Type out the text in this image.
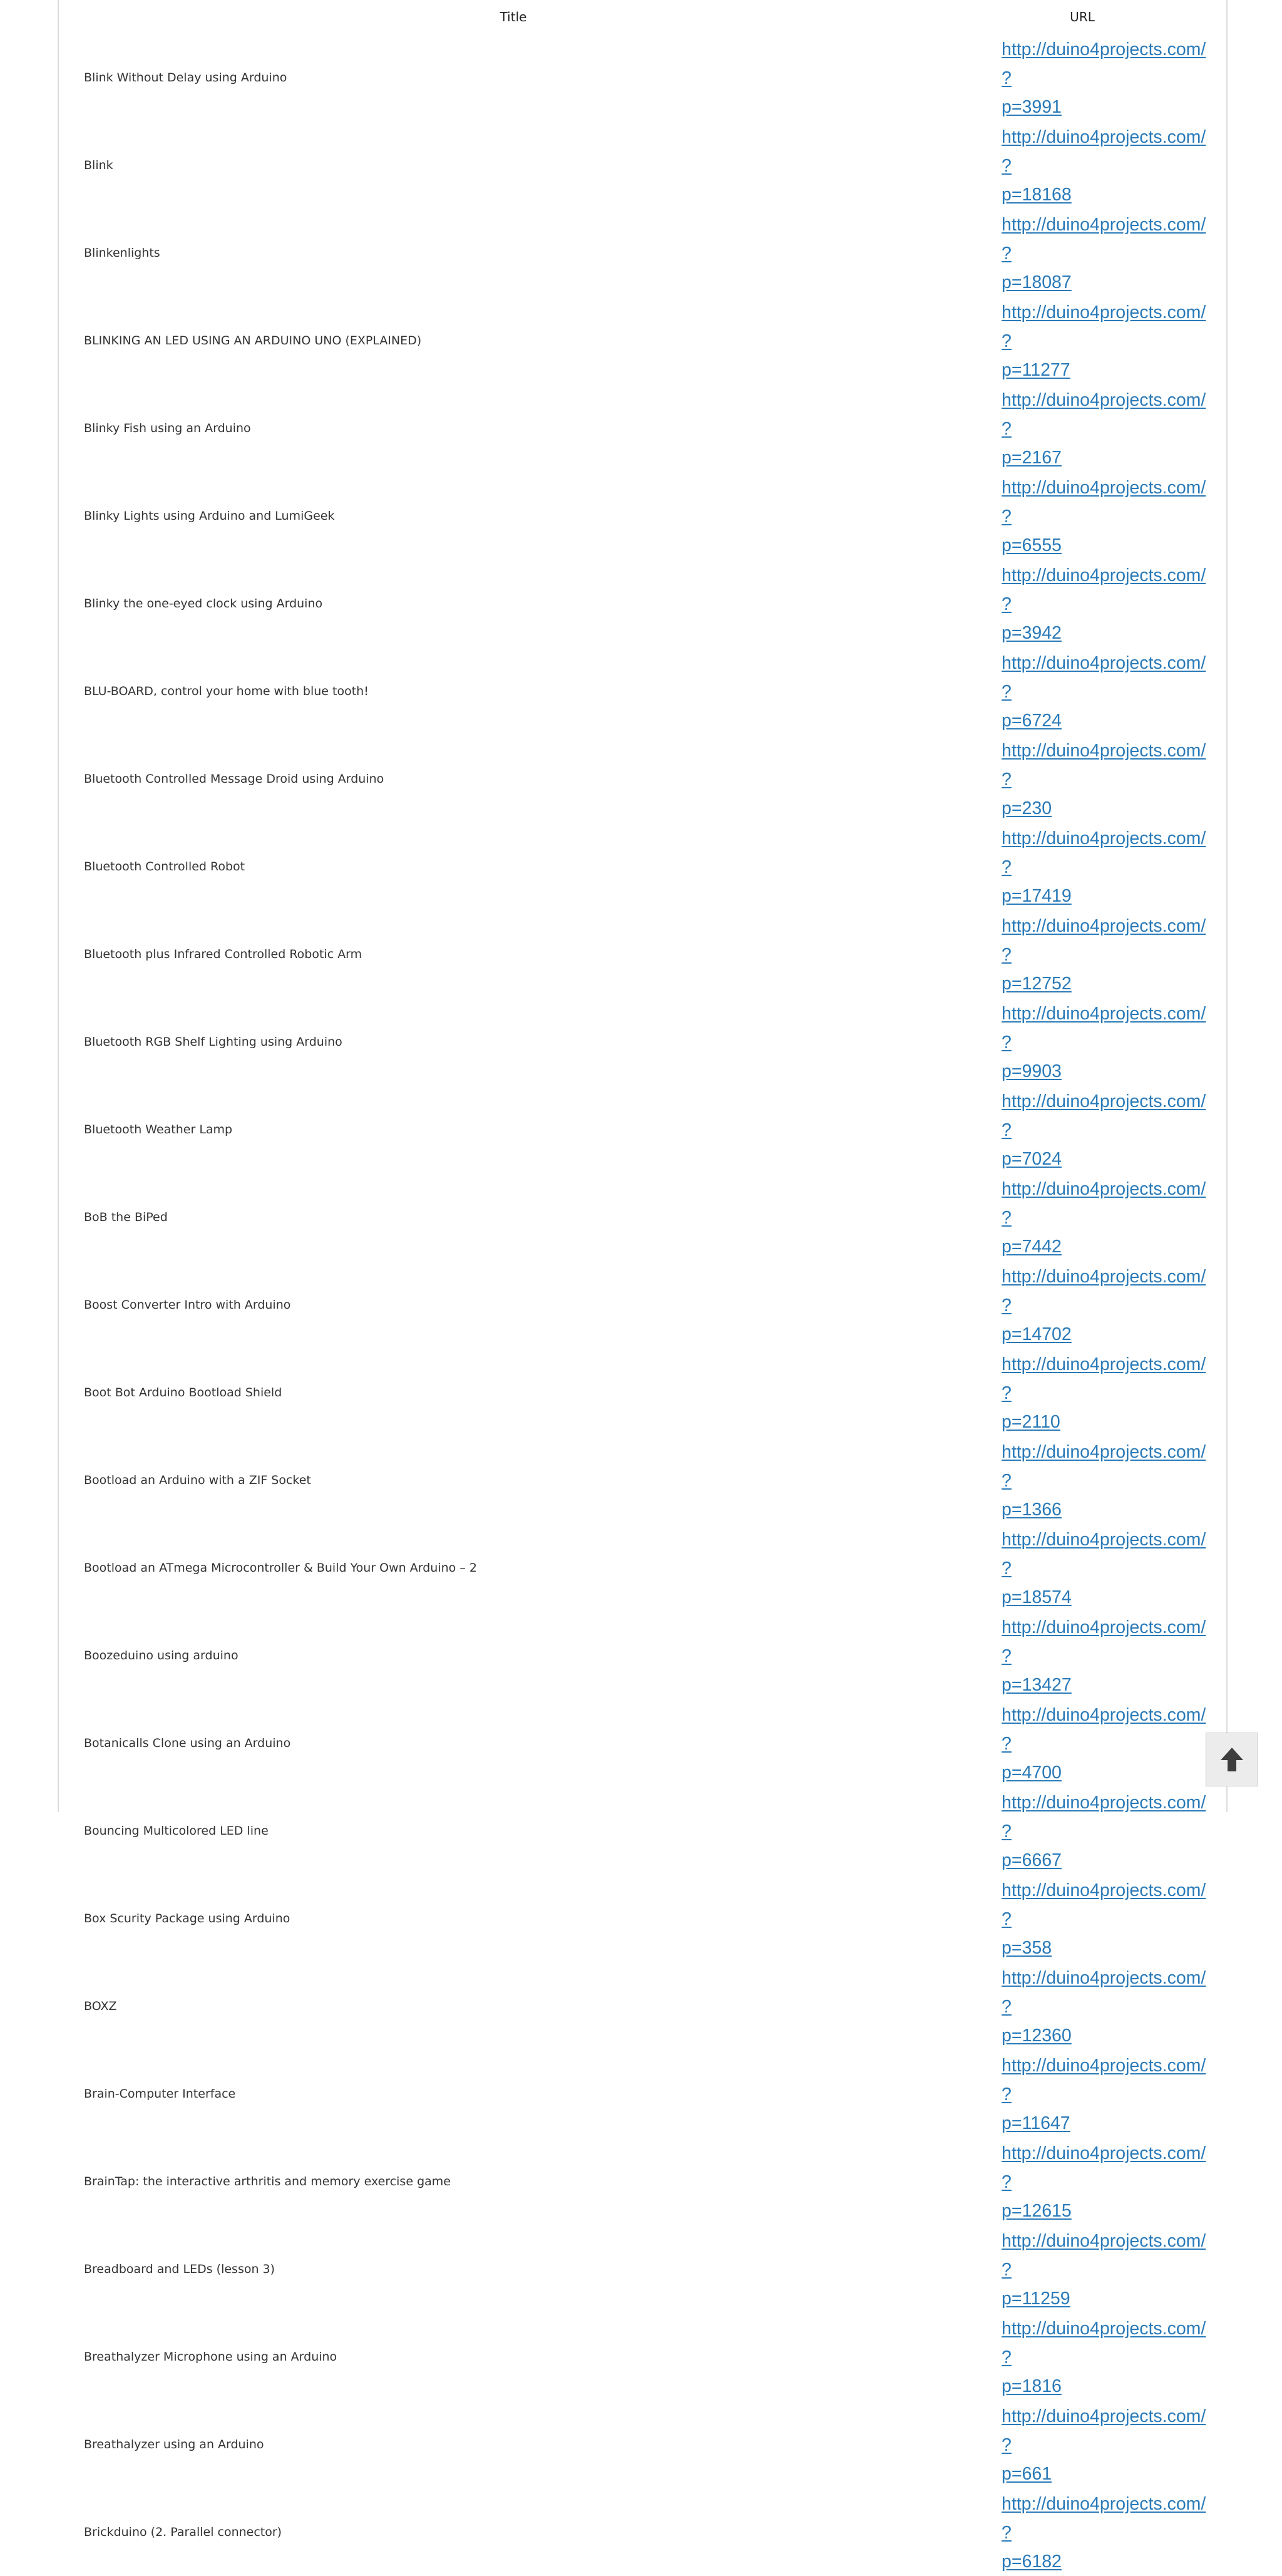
Title	URL
Blink Without Delay using Arduino	http://duino4projects.com/?
p=3991

Blink	http://duino4projects.com/?
p=18168

Blinkenlights	http://duino4projects.com/?
p=18087

BLINKING AN LED USING AN ARDUINO UNO (EXPLAINED)	http://duino4projects.com/?
p=11277

Blinky Fish using an Arduino	http://duino4projects.com/?
p=2167

Blinky Lights using Arduino and LumiGeek	http://duino4projects.com/?
p=6555

Blinky the one-eyed clock using Arduino	http://duino4projects.com/?
p=3942

BLU-BOARD, control your home with blue tooth!	http://duino4projects.com/?
p=6724

Bluetooth Controlled Message Droid using Arduino	http://duino4projects.com/?
p=230

Bluetooth Controlled Robot	http://duino4projects.com/?
p=17419

Bluetooth plus Infrared Controlled Robotic Arm	http://duino4projects.com/?
p=12752

Bluetooth RGB Shelf Lighting using Arduino	http://duino4projects.com/?
p=9903

Bluetooth Weather Lamp	http://duino4projects.com/?
p=7024

BoB the BiPed	http://duino4projects.com/?
p=7442

Boost Converter Intro with Arduino	http://duino4projects.com/?
p=14702

Boot Bot Arduino Bootload Shield	http://duino4projects.com/?
p=2110

Bootload an Arduino with a ZIF Socket	http://duino4projects.com/?
p=1366

Bootload an ATmega Microcontroller & Build Your Own Arduino – 2	http://duino4projects.com/?
p=18574

Boozeduino using arduino	http://duino4projects.com/?
p=13427

Botanicalls Clone using an Arduino	http://duino4projects.com/?
p=4700

Bouncing Multicolored LED line	http://duino4projects.com/?
p=6667

Box Scurity Package using Arduino	http://duino4projects.com/?
p=358

BOXZ	http://duino4projects.com/?
p=12360

Brain-Computer Interface	http://duino4projects.com/?
p=11647

BrainTap: the interactive arthritis and memory exercise game	http://duino4projects.com/?
p=12615

Breadboard and LEDs (lesson 3)	http://duino4projects.com/?
p=11259

Breathalyzer Microphone using an Arduino	http://duino4projects.com/?
p=1816

Breathalyzer using an Arduino	http://duino4projects.com/?
p=661

Brickduino (2. Parallel connector)	http://duino4projects.com/?
p=6182
